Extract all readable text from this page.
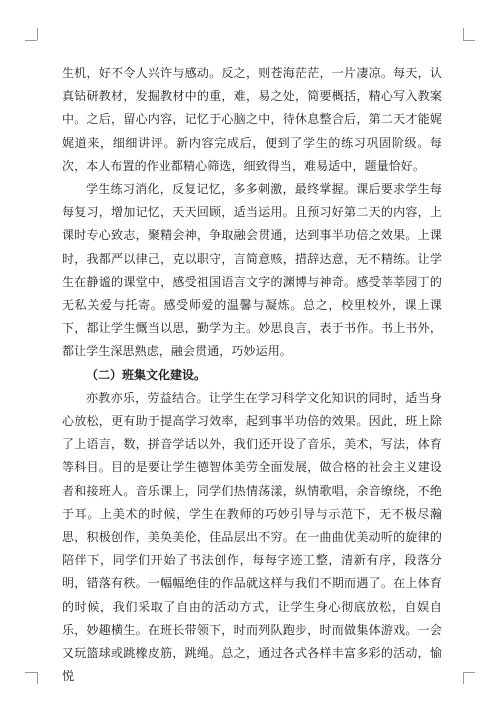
生机，好不令人兴许与感动。反之，则苍海茫茫，一片凄凉。每天，认真钻研教材，发掘教材中的重，难，易之处，简要概括，精心写入教案中。之后，留心内容，记忆于心脑之中，待休息整合后，第二天才能娓娓道来，细细讲评。新内容完成后，便到了学生的练习巩固阶级。每次，本人布置的作业都精心筛选，细致得当，难易适中，题量恰好。

学生练习消化，反复记忆，多多刺激，最终掌握。课后要求学生每每复习，增加记忆，天天回顾，适当运用。且预习好第二天的内容，上课时专心致志，聚精会神，争取融会贯通，达到事半功倍之效果。上课时，我都严以律己，克以职守，言简意赅，措辞达意，无不精练。让学生在静谧的课堂中，感受祖国语言文字的渊博与神奇。感受莘莘园丁的无私关爱与托寄。感受师爱的温馨与凝炼。总之，校里校外，课上课下，都让学生慨当以思，勤学为主。妙思良言，表于书作。书上书外，都让学生深思熟虑，融会贯通，巧妙运用。

（二）班集文化建设。

亦教亦乐，劳益结合。让学生在学习科学文化知识的同时，适当身心放松，更有助于提高学习效率，起到事半功倍的效果。因此，班上除了上语言，数，拼音学话以外，我们还开设了音乐，美术，写法，体育等科目。目的是要让学生德智体美劳全面发展，做合格的社会主义建设者和接班人。音乐课上，同学们热情荡漾，纵情歌唱，余音缭绕，不绝于耳。上美术的时候，学生在教师的巧妙引导与示范下，无不极尽瀚思，积极创作，美奂美伦，佳品层出不穷。在一曲曲优美动听的旋律的陪伴下，同学们开始了书法创作，每每字迹工整，清新有序，段落分明，错落有秩。一幅幅绝佳的作品就这样与我们不期而遇了。在上体育的时候，我们采取了自由的活动方式，让学生身心彻底放松，自娱自乐，妙趣横生。在班长带领下，时而列队跑步，时而做集体游戏。一会又玩篮球或跳橡皮筋，跳绳。总之，通过各式各样丰富多彩的活动，愉悦
